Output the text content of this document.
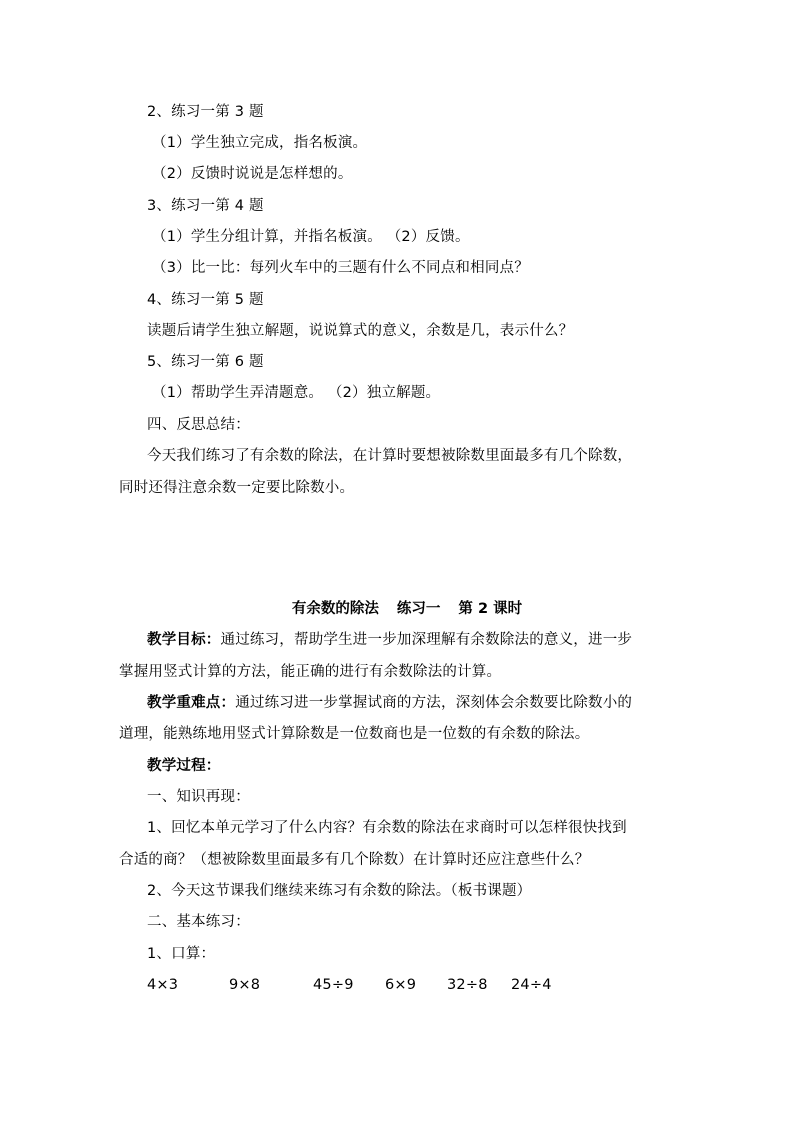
2、练习一第 3 题
（1）学生独立完成，指名板演。
（2）反馈时说说是怎样想的。
3、练习一第 4 题
（1）学生分组计算，并指名板演。 （2）反馈。
（3）比一比：每列火车中的三题有什么不同点和相同点？
4、练习一第 5 题
读题后请学生独立解题，说说算式的意义，余数是几，表示什么？
5、练习一第 6 题
（1）帮助学生弄清题意。 （2）独立解题。
四、反思总结：
今天我们练习了有余数的除法，在计算时要想被除数里面最多有几个除数，
同时还得注意余数一定要比除数小。
有余数的除法 练习一 第 2 课时
教学目标：通过练习，帮助学生进一步加深理解有余数除法的意义，进一步
掌握用竖式计算的方法，能正确的进行有余数除法的计算。
教学重难点：通过练习进一步掌握试商的方法，深刻体会余数要比除数小的
道理，能熟练地用竖式计算除数是一位数商也是一位数的有余数的除法。
教学过程：
一、知识再现：
1、回忆本单元学习了什么内容？有余数的除法在求商时可以怎样很快找到
合适的商？（想被除数里面最多有几个除数）在计算时还应注意些什么？
2、今天这节课我们继续来练习有余数的除法。（板书课题）
二、基本练习：
1、口算：
4×3	9×8	45÷9 6×9 32÷8 24÷4
